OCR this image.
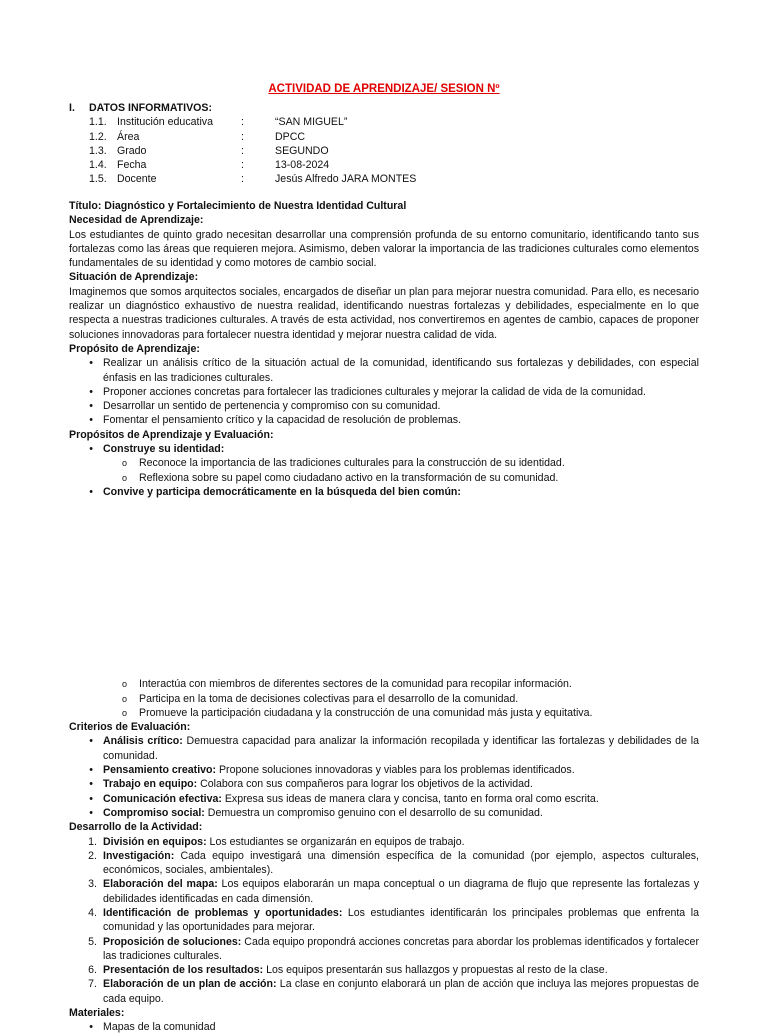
ACTIVIDAD DE APRENDIZAJE/ SESION Nº
I.	DATOS INFORMATIVOS:
1.1. Institución educativa	:	“SAN MIGUEL”
1.2. Área	:	DPCC
1.3. Grado	:	SEGUNDO
1.4. Fecha	:	13-08-2024
1.5. Docente	:	Jesús Alfredo JARA MONTES
Título: Diagnóstico y Fortalecimiento de Nuestra Identidad Cultural
Necesidad de Aprendizaje:
Los estudiantes de quinto grado necesitan desarrollar una comprensión profunda de su entorno comunitario, identificando tanto sus fortalezas como las áreas que requieren mejora. Asimismo, deben valorar la importancia de las tradiciones culturales como elementos fundamentales de su identidad y como motores de cambio social.
Situación de Aprendizaje:
Imaginemos que somos arquitectos sociales, encargados de diseñar un plan para mejorar nuestra comunidad. Para ello, es necesario realizar un diagnóstico exhaustivo de nuestra realidad, identificando nuestras fortalezas y debilidades, especialmente en lo que respecta a nuestras tradiciones culturales. A través de esta actividad, nos convertiremos en agentes de cambio, capaces de proponer soluciones innovadoras para fortalecer nuestra identidad y mejorar nuestra calidad de vida.
Propósito de Aprendizaje:
• Realizar un análisis crítico de la situación actual de la comunidad, identificando sus fortalezas y debilidades, con especial énfasis en las tradiciones culturales.
• Proponer acciones concretas para fortalecer las tradiciones culturales y mejorar la calidad de vida de la comunidad.
• Desarrollar un sentido de pertenencia y compromiso con su comunidad.
• Fomentar el pensamiento crítico y la capacidad de resolución de problemas.
Propósitos de Aprendizaje y Evaluación:
• Construye su identidad:
o	Reconoce la importancia de las tradiciones culturales para la construcción de su identidad.
o	Reflexiona sobre su papel como ciudadano activo en la transformación de su comunidad.
• Convive y participa democráticamente en la búsqueda del bien común:
o	Interactúa con miembros de diferentes sectores de la comunidad para recopilar información.
o	Participa en la toma de decisiones colectivas para el desarrollo de la comunidad.
o	Promueve la participación ciudadana y la construcción de una comunidad más justa y equitativa.
Criterios de Evaluación:
• Análisis crítico: Demuestra capacidad para analizar la información recopilada y identificar las fortalezas y debilidades de la comunidad.
• Pensamiento creativo: Propone soluciones innovadoras y viables para los problemas identificados.
• Trabajo en equipo: Colabora con sus compañeros para lograr los objetivos de la actividad.
• Comunicación efectiva: Expresa sus ideas de manera clara y concisa, tanto en forma oral como escrita.
• Compromiso social: Demuestra un compromiso genuino con el desarrollo de su comunidad.
Desarrollo de la Actividad:
1. División en equipos: Los estudiantes se organizarán en equipos de trabajo.
2. Investigación: Cada equipo investigará una dimensión específica de la comunidad (por ejemplo, aspectos culturales, económicos, sociales, ambientales).
3. Elaboración del mapa: Los equipos elaborarán un mapa conceptual o un diagrama de flujo que represente las fortalezas y debilidades identificadas en cada dimensión.
4. Identificación de problemas y oportunidades: Los estudiantes identificarán los principales problemas que enfrenta la comunidad y las oportunidades para mejorar.
5. Proposición de soluciones: Cada equipo propondrá acciones concretas para abordar los problemas identificados y fortalecer las tradiciones culturales.
6. Presentación de los resultados: Los equipos presentarán sus hallazgos y propuestas al resto de la clase.
7. Elaboración de un plan de acción: La clase en conjunto elaborará un plan de acción que incluya las mejores propuestas de cada equipo.
Materiales:
• Mapas de la comunidad
